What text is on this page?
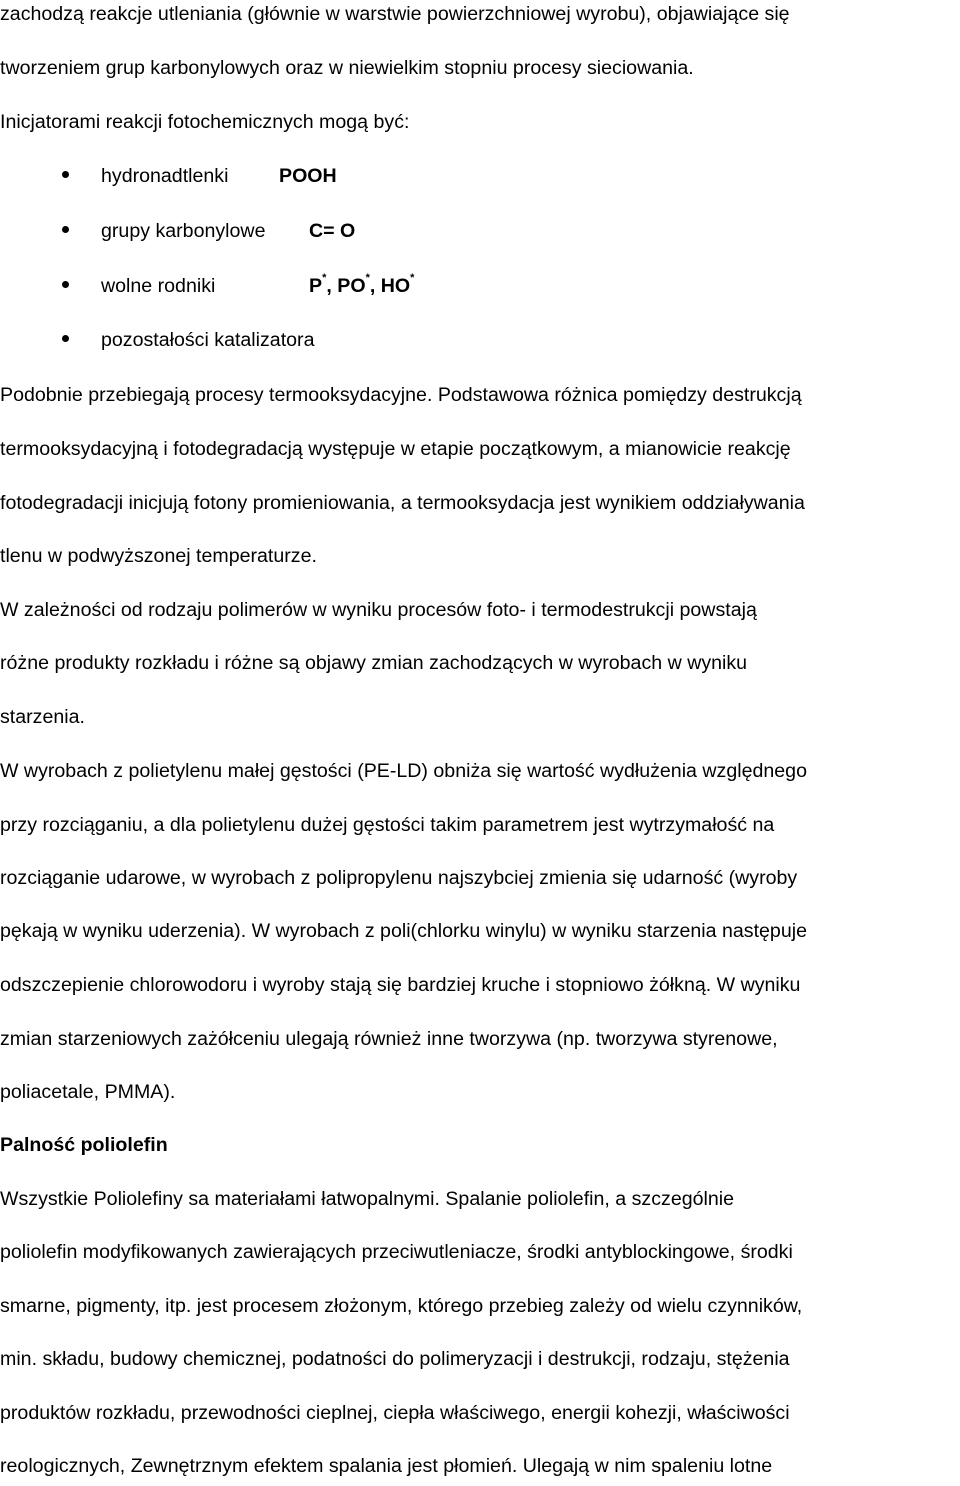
zachodzą reakcje utleniania (głównie w warstwie powierzchniowej wyrobu), objawiające się
tworzeniem grup karbonylowych oraz w niewielkim stopniu procesy sieciowania.
Inicjatorami reakcji fotochemicznych mogą być:
hydronadtlenki	POOH
grupy karbonylowe C= O
wolne rodniki	P*, PO*, HO*
pozostałości katalizatora
Podobnie przebiegają procesy termooksydacyjne. Podstawowa różnica pomiędzy destrukcją
termooksydacyjną i fotodegradacją występuje w etapie początkowym, a mianowicie reakcję
fotodegradacji inicjują fotony promieniowania, a termooksydacja jest wynikiem oddziaływania
tlenu w podwyższonej temperaturze.
W zależności od rodzaju polimerów w wyniku procesów foto- i termodestrukcji powstają
różne produkty rozkładu i różne są objawy zmian zachodzących w wyrobach w wyniku
starzenia.
W wyrobach z polietylenu małej gęstości (PE-LD) obniża się wartość wydłużenia względnego
przy rozciąganiu, a dla polietylenu dużej gęstości takim parametrem jest wytrzymałość na
rozciąganie udarowe, w wyrobach z polipropylenu najszybciej zmienia się udarność (wyroby
pękają w wyniku uderzenia). W wyrobach z poli(chlorku winylu) w wyniku starzenia następuje
odszczepienie chlorowodoru i wyroby stają się bardziej kruche i stopniowo żółkną. W wyniku
zmian starzeniowych zażółceniu ulegają również inne tworzywa (np. tworzywa styrenowe,
poliacetale, PMMA).
Palność poliolefin
Wszystkie Poliolefiny sa materiałami łatwopalnymi. Spalanie poliolefin, a szczególnie
poliolefin modyfikowanych zawierających przeciwutleniacze, środki antyblockingowe, środki
smarne, pigmenty, itp. jest procesem złożonym, którego przebieg zależy od wielu czynników,
min. składu, budowy chemicznej, podatności do polimeryzacji i destrukcji, rodzaju, stężenia
produktów rozkładu, przewodności cieplnej, ciepła właściwego, energii kohezji, właściwości
reologicznych, Zewnętrznym efektem spalania jest płomień. Ulegają w nim spaleniu lotne
